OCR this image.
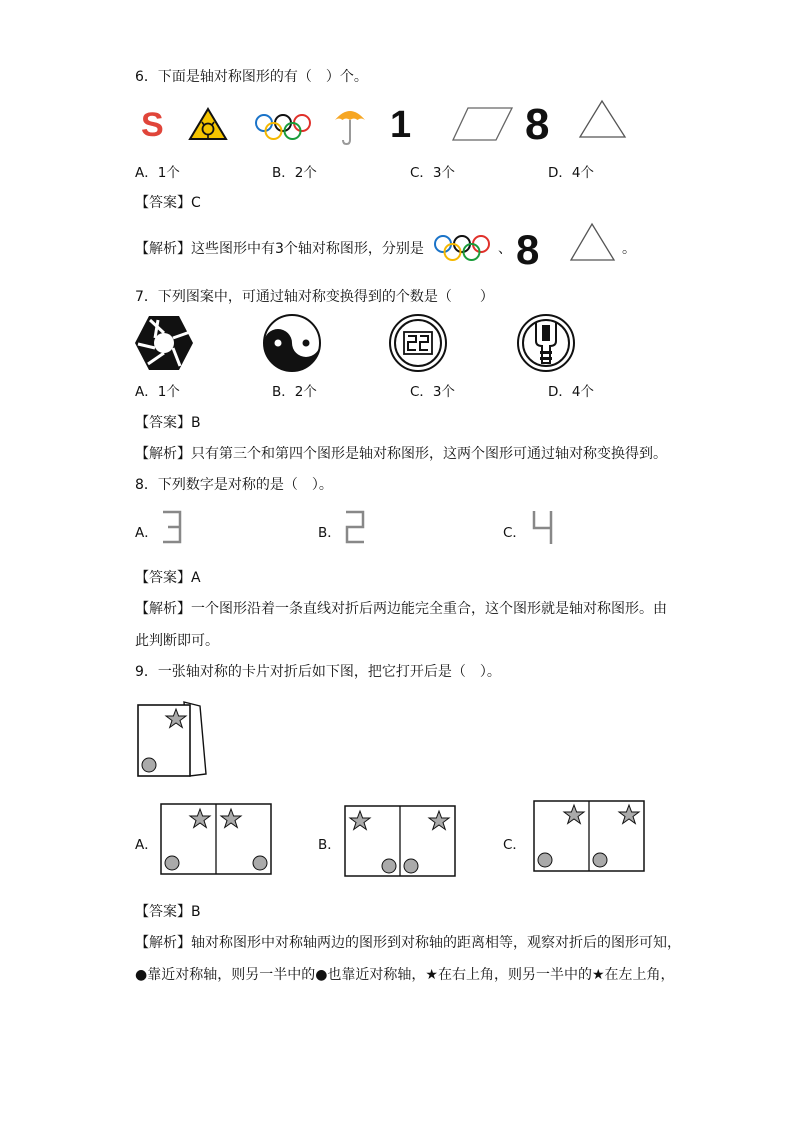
6．下面是轴对称图形的有（　）个。
S	1	8
A．1个	B．2个	C．3个	D．4个
【答案】C
【解析】这些图形中有3个轴对称图形，分别是	、 8	。
7．下列图案中，可通过轴对称变换得到的个数是（　　）
A．1个	B．2个	C．3个	D．4个
【答案】B
【解析】只有第三个和第四个图形是轴对称图形，这两个图形可通过轴对称变换得到。
8．下列数字是对称的是（　）。
A．	B．	C．
【答案】A
【解析】一个图形沿着一条直线对折后两边能完全重合，这个图形就是轴对称图形。由
此判断即可。
9．一张轴对称的卡片对折后如下图，把它打开后是（　）。
A．	B．	C．
【答案】B
【解析】轴对称图形中对称轴两边的图形到对称轴的距离相等，观察对折后的图形可知，
●靠近对称轴，则另一半中的●也靠近对称轴，★在右上角，则另一半中的★在左上角，
